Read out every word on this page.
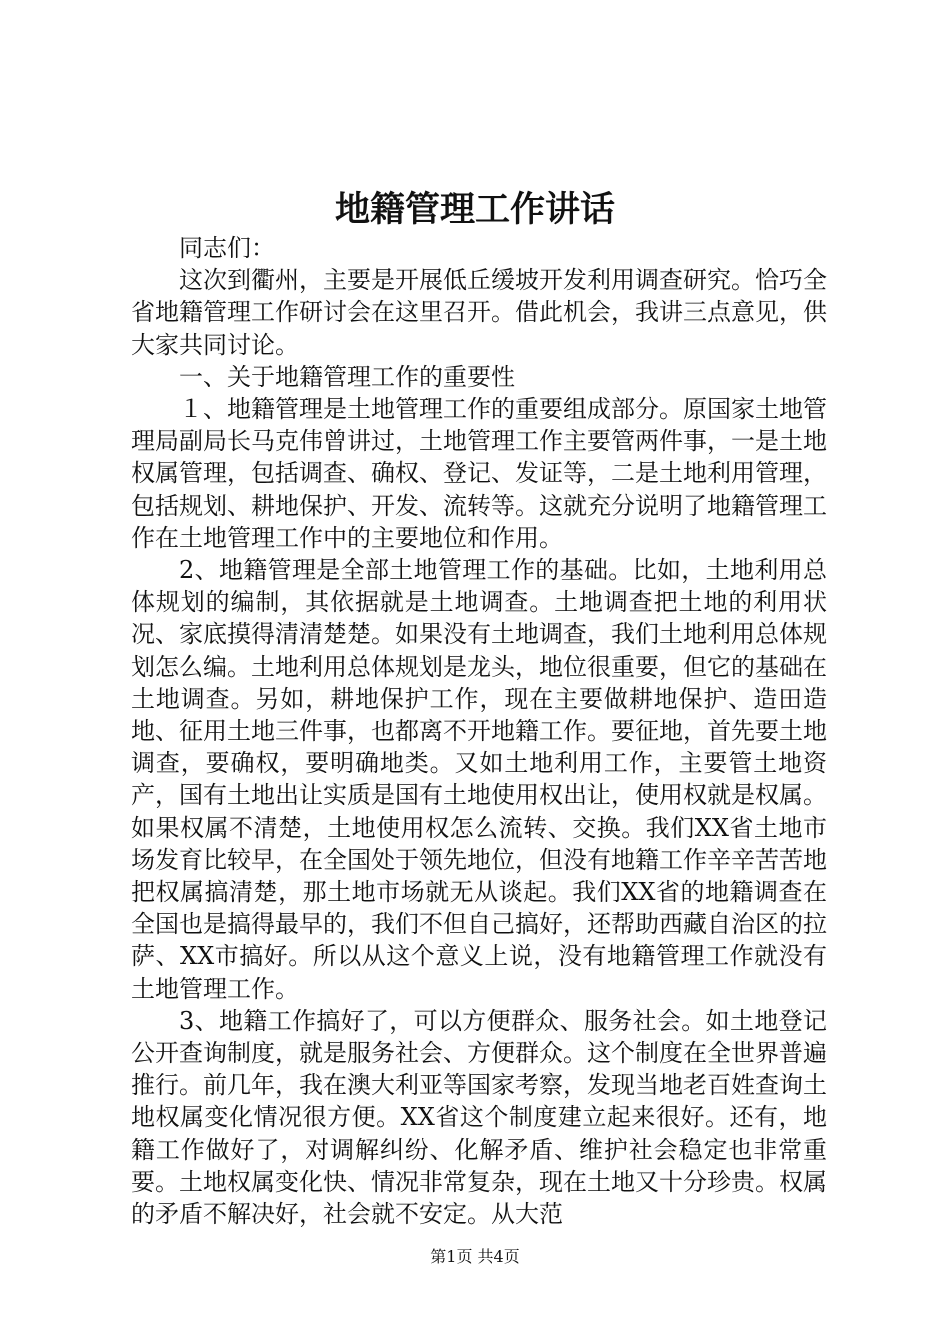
地籍管理工作讲话

同志们：

这次到衢州，主要是开展低丘缓坡开发利用调查研究。恰巧全省地籍管理工作研讨会在这里召开。借此机会，我讲三点意见，供大家共同讨论。

一、关于地籍管理工作的重要性

１、地籍管理是土地管理工作的重要组成部分。原国家土地管理局副局长马克伟曾讲过，土地管理工作主要管两件事，一是土地权属管理，包括调查、确权、登记、发证等，二是土地利用管理，包括规划、耕地保护、开发、流转等。这就充分说明了地籍管理工作在土地管理工作中的主要地位和作用。

2、地籍管理是全部土地管理工作的基础。比如，土地利用总体规划的编制，其依据就是土地调查。土地调查把土地的利用状况、家底摸得清清楚楚。如果没有土地调查，我们土地利用总体规划怎么编。土地利用总体规划是龙头，地位很重要，但它的基础在土地调查。另如，耕地保护工作，现在主要做耕地保护、造田造地、征用土地三件事，也都离不开地籍工作。要征地，首先要土地调查，要确权，要明确地类。又如土地利用工作，主要管土地资产，国有土地出让实质是国有土地使用权出让，使用权就是权属。如果权属不清楚，土地使用权怎么流转、交换。我们XX省土地市场发育比较早，在全国处于领先地位，但没有地籍工作辛辛苦苦地把权属搞清楚，那土地市场就无从谈起。我们XX省的地籍调查在全国也是搞得最早的，我们不但自己搞好，还帮助西藏自治区的拉萨、XX市搞好。所以从这个意义上说，没有地籍管理工作就没有土地管理工作。

3、地籍工作搞好了，可以方便群众、服务社会。如土地登记公开查询制度，就是服务社会、方便群众。这个制度在全世界普遍推行。前几年，我在澳大利亚等国家考察，发现当地老百姓查询土地权属变化情况很方便。XX省这个制度建立起来很好。还有，地籍工作做好了，对调解纠纷、化解矛盾、维护社会稳定也非常重要。土地权属变化快、情况非常复杂，现在土地又十分珍贵。权属的矛盾不解决好，社会就不安定。从大范

第1页 共4页
